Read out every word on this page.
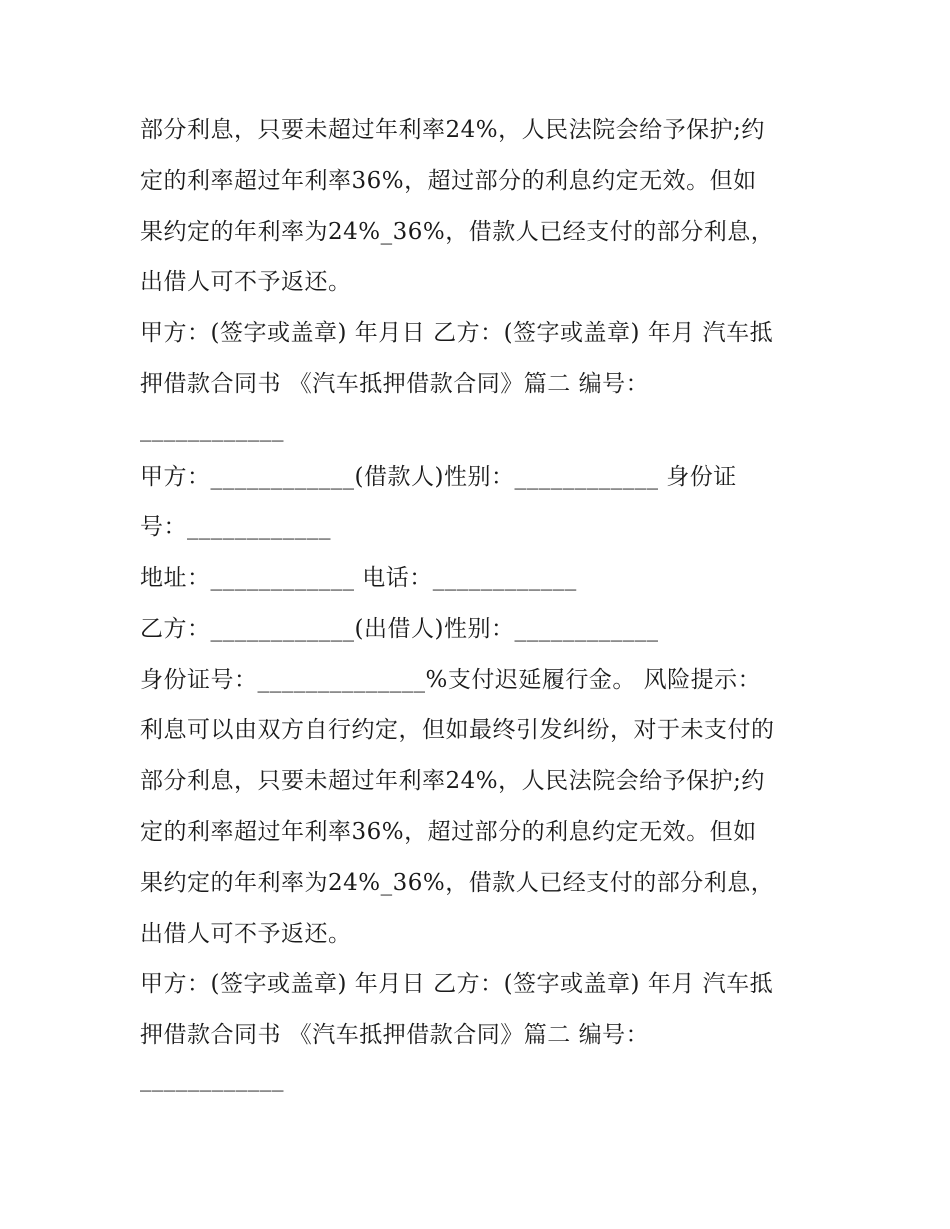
部分利息，只要未超过年利率24%，人民法院会给予保护;约
定的利率超过年利率36%，超过部分的利息约定无效。但如
果约定的年利率为24%_36%，借款人已经支付的部分利息，
出借人可不予返还。
甲方：(签字或盖章) 年月日 乙方：(签字或盖章) 年月 汽车抵
押借款合同书 《汽车抵押借款合同》篇二 编号：
____________
甲方：____________(借款人)性别：____________ 身份证
号：____________
地址：____________ 电话：____________
乙方：____________(出借人)性别：____________
身份证号：______________%支付迟延履行金。 风险提示：
利息可以由双方自行约定，但如最终引发纠纷，对于未支付的
部分利息，只要未超过年利率24%，人民法院会给予保护;约
定的利率超过年利率36%，超过部分的利息约定无效。但如
果约定的年利率为24%_36%，借款人已经支付的部分利息，
出借人可不予返还。
甲方：(签字或盖章) 年月日 乙方：(签字或盖章) 年月 汽车抵
押借款合同书 《汽车抵押借款合同》篇二 编号：
____________
